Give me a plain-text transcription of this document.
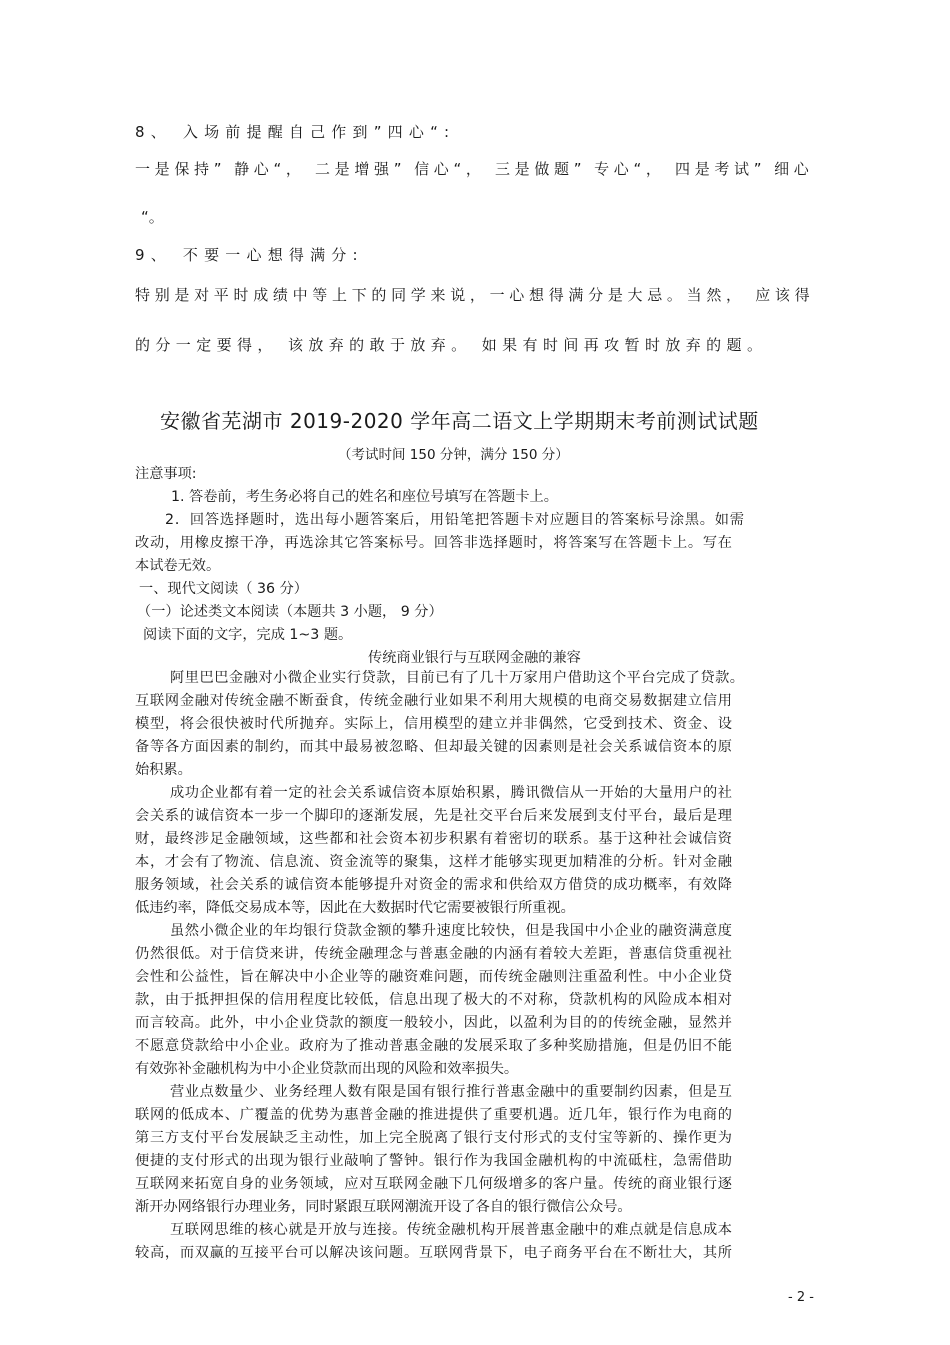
8、 入场前提醒自己作到”四心“:
一是保持” 静心“， 二是增强” 信心“， 三是做题” 专心“， 四是考试” 细心
“。
9、 不要一心想得满分:
特别是对平时成绩中等上下的同学来说，一心想得满分是大忌。当然， 应该得
的分一定要得， 该放弃的敢于放弃。 如果有时间再攻暂时放弃的题。
安徽省芜湖市 2019-2020 学年高二语文上学期期末考前测试试题
（考试时间 150 分钟，满分 150 分）
注意事项:
1. 答卷前，考生务必将自己的姓名和座位号填写在答题卡上。
2．回答选择题时，选出每小题答案后，用铅笔把答题卡对应题目的答案标号涂黑。如需
改动，用橡皮擦干净，再选涂其它答案标号。回答非选择题时，将答案写在答题卡上。写在
本试卷无效。
一、现代文阅读（ 36 分）
（一）论述类文本阅读（本题共 3 小题， 9 分）
阅读下面的文字，完成 1~3 题。
传统商业银行与互联网金融的兼容
阿里巴巴金融对小微企业实行贷款，目前已有了几十万家用户借助这个平台完成了贷款。
互联网金融对传统金融不断蚕食，传统金融行业如果不利用大规模的电商交易数据建立信用
模型，将会很快被时代所抛弃。实际上，信用模型的建立并非偶然，它受到技术、资金、设
备等各方面因素的制约，而其中最易被忽略、但却最关键的因素则是社会关系诚信资本的原
始积累。
成功企业都有着一定的社会关系诚信资本原始积累，腾讯微信从一开始的大量用户的社
会关系的诚信资本一步一个脚印的逐渐发展，先是社交平台后来发展到支付平台，最后是理
财，最终涉足金融领域，这些都和社会资本初步积累有着密切的联系。基于这种社会诚信资
本，才会有了物流、信息流、资金流等的聚集，这样才能够实现更加精准的分析。针对金融
服务领域，社会关系的诚信资本能够提升对资金的需求和供给双方借贷的成功概率，有效降
低违约率，降低交易成本等，因此在大数据时代它需要被银行所重视。
虽然小微企业的年均银行贷款金额的攀升速度比较快，但是我国中小企业的融资满意度
仍然很低。对于信贷来讲，传统金融理念与普惠金融的内涵有着较大差距，普惠信贷重视社
会性和公益性，旨在解决中小企业等的融资难问题，而传统金融则注重盈利性。中小企业贷
款，由于抵押担保的信用程度比较低，信息出现了极大的不对称，贷款机构的风险成本相对
而言较高。此外，中小企业贷款的额度一般较小，因此，以盈利为目的的传统金融，显然并
不愿意贷款给中小企业。政府为了推动普惠金融的发展采取了多种奖励措施，但是仍旧不能
有效弥补金融机构为中小企业贷款而出现的风险和效率损失。
营业点数量少、业务经理人数有限是国有银行推行普惠金融中的重要制约因素，但是互
联网的低成本、广覆盖的优势为惠普金融的推进提供了重要机遇。近几年，银行作为电商的
第三方支付平台发展缺乏主动性，加上完全脱离了银行支付形式的支付宝等新的、操作更为
便捷的支付形式的出现为银行业敲响了警钟。银行作为我国金融机构的中流砥柱，急需借助
互联网来拓宽自身的业务领域，应对互联网金融下几何级增多的客户量。传统的商业银行逐
渐开办网络银行办理业务，同时紧跟互联网潮流开设了各自的银行微信公众号。
互联网思维的核心就是开放与连接。传统金融机构开展普惠金融中的难点就是信息成本
较高，而双赢的互接平台可以解决该问题。互联网背景下，电子商务平台在不断壮大，其所
- 2 -
